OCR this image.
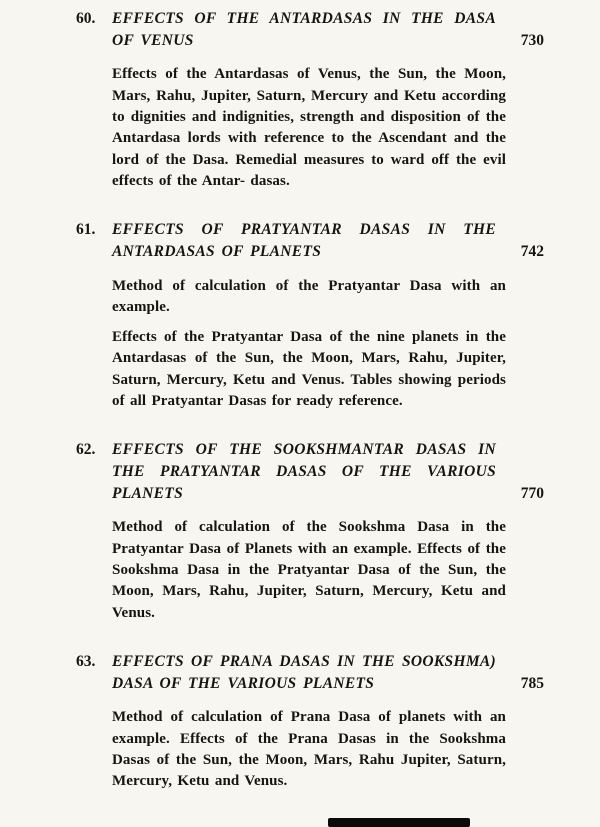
60.	EFFECTS OF THE ANTARDASAS IN THE DASA OF VENUS	730

Effects of the Antardasas of Venus, the Sun, the Moon, Mars, Rahu, Jupiter, Saturn, Mercury and Ketu according to dignities and indignities, strength and disposition of the Antardasa lords with reference to the Ascendant and the lord of the Dasa. Remedial measures to ward off the evil effects of the Antar- dasas.

61.	EFFECTS OF PRATYANTAR DASAS IN THE ANTARDASAS OF PLANETS	742

Method of calculation of the Pratyantar Dasa with an example.

Effects of the Pratyantar Dasa of the nine planets in the Antardasas of the Sun, the Moon, Mars, Rahu, Jupiter, Saturn, Mercury, Ketu and Venus. Tables showing periods of all Pratyantar Dasas for ready reference.

62.	EFFECTS OF THE SOOKSHMANTAR DASAS IN THE PRATYANTAR DASAS OF THE VARIOUS PLANETS	770

Method of calculation of the Sookshma Dasa in the Pratyantar Dasa of Planets with an example. Effects of the Sookshma Dasa in the Pratyantar Dasa of the Sun, the Moon, Mars, Rahu, Jupiter, Saturn, Mercury, Ketu and Venus.

63.	EFFECTS OF PRANA DASAS IN THE SOOKSHMA) DASA OF THE VARIOUS PLANETS	785

Method of calculation of Prana Dasa of planets with an example. Effects of the Prana Dasas in the Sookshma Dasas of the Sun, the Moon, Mars, Rahu Jupiter, Saturn, Mercury, Ketu and Venus.
